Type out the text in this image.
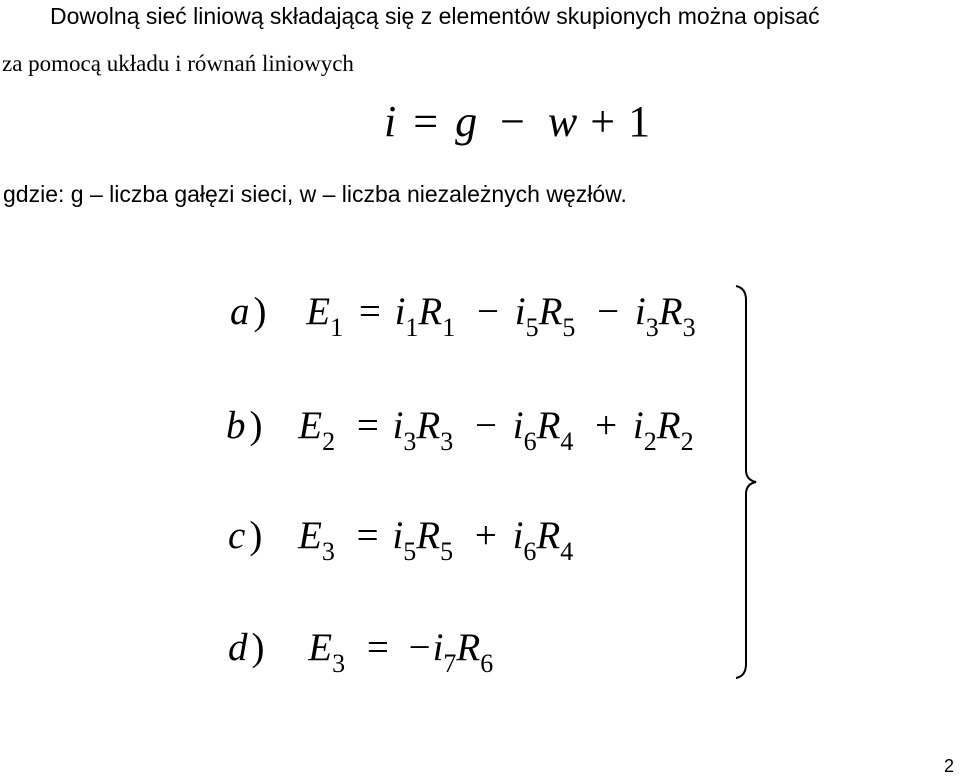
Dowolną sieć liniową składającą się z elementów skupionych można opisać
za pomocą układu i równań liniowych
i = g − w + 1
gdzie: g – liczba gałęzi sieci, w – liczba niezależnych węzłów.
a ) $E_1 = i_1R_1 - i_5R_5 - i_3R_3$
b ) $E_2 = i_3R_3 - i_6R_4 + i_2R_2$
c ) $E_3 = i_5R_5 + i_6R_4$
d ) $E_3 = -i_7R_6$
2
